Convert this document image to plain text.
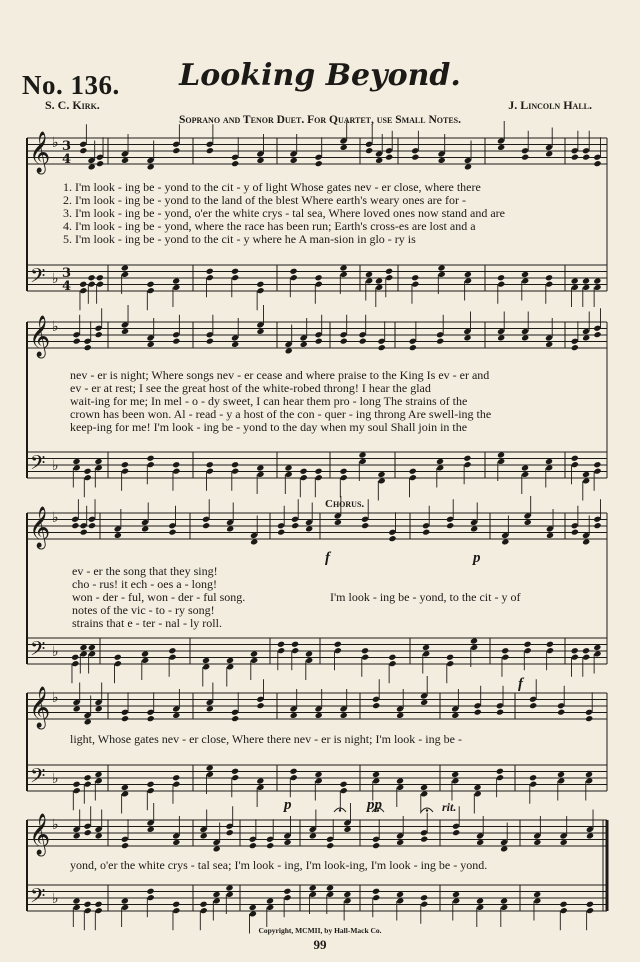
No. 136.	Looking Beyond.
S. C. Kirk.	J. Lincoln Hall.
Soprano and Tenor Duet. For Quartet, use Small Notes.
𝄞
𝄢
♭
♭
3
4
3
4
𝄞
𝄢
♭
♭
𝄞
𝄢
♭
♭
𝄞
𝄢
♭
♭
𝄞
𝄢
♭
♭
1. I'm look - ing be - yond to the cit - y of light Whose gates nev - er close, where there
2. I'm look - ing be - yond to the land of the blest Where earth's weary ones are for -
3. I'm look - ing be - yond, o'er the white crys - tal sea, Where loved ones now stand and are
4. I'm look - ing be - yond, where the race has been run; Earth's cross-es are lost and a
5. I'm look - ing be - yond to the cit - y where he A man-sion in glo - ry is
nev - er is night; Where songs nev - er cease and where praise to the King Is ev - er and
ev - er at rest; I see the great host of the white-robed throng! I hear the glad
wait-ing for me; In mel - o - dy sweet, I can hear them pro - long The strains of the
crown has been won. Al - read - y a host of the con - quer - ing throng Are swell-ing the
keep-ing for me! I'm look - ing be - yond to the day when my soul Shall join in the
Chorus.
ev - er the song that they sing!
cho - rus! it ech - oes a - long!
won - der - ful, won - der - ful song.
notes of the vic - to - ry song!
strains that e - ter - nal - ly roll.
I'm look - ing be - yond, to the cit - y of
f	p
f
light, Whose gates nev - er close, Where there nev - er is night; I'm look - ing be -
p	pp	rit.
yond, o'er the white crys - tal sea; I'm look - ing, I'm look-ing, I'm look - ing be - yond.
Copyright, MCMII, by Hall-Mack Co.
99
